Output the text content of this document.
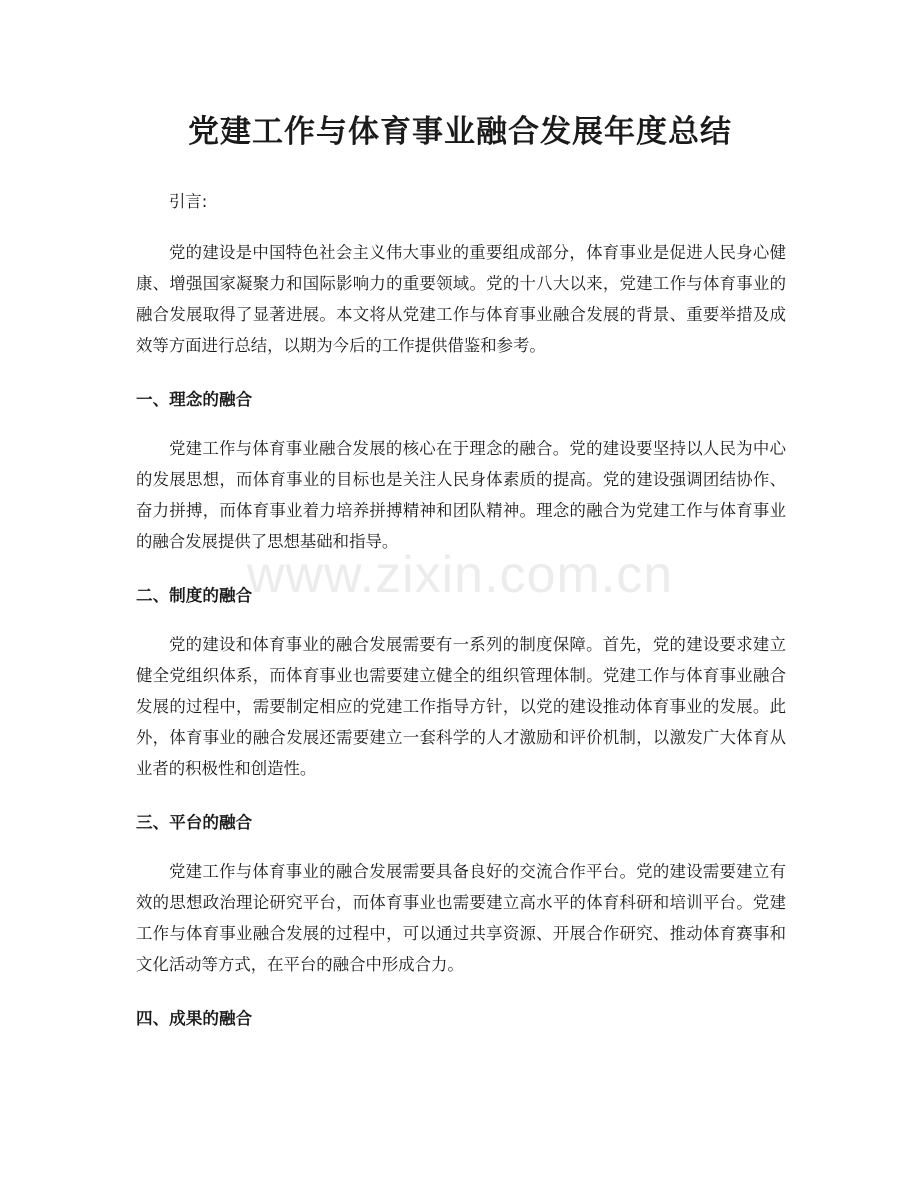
党建工作与体育事业融合发展年度总结

引言:

党的建设是中国特色社会主义伟大事业的重要组成部分，体育事业是促进人民身心健康、增强国家凝聚力和国际影响力的重要领域。党的十八大以来，党建工作与体育事业的融合发展取得了显著进展。本文将从党建工作与体育事业融合发展的背景、重要举措及成效等方面进行总结，以期为今后的工作提供借鉴和参考。

一、理念的融合

党建工作与体育事业融合发展的核心在于理念的融合。党的建设要坚持以人民为中心的发展思想，而体育事业的目标也是关注人民身体素质的提高。党的建设强调团结协作、奋力拼搏，而体育事业着力培养拼搏精神和团队精神。理念的融合为党建工作与体育事业的融合发展提供了思想基础和指导。

二、制度的融合

党的建设和体育事业的融合发展需要有一系列的制度保障。首先，党的建设要求建立健全党组织体系，而体育事业也需要建立健全的组织管理体制。党建工作与体育事业融合发展的过程中，需要制定相应的党建工作指导方针，以党的建设推动体育事业的发展。此外，体育事业的融合发展还需要建立一套科学的人才激励和评价机制，以激发广大体育从业者的积极性和创造性。

三、平台的融合

党建工作与体育事业的融合发展需要具备良好的交流合作平台。党的建设需要建立有效的思想政治理论研究平台，而体育事业也需要建立高水平的体育科研和培训平台。党建工作与体育事业融合发展的过程中，可以通过共享资源、开展合作研究、推动体育赛事和文化活动等方式，在平台的融合中形成合力。

四、成果的融合
www.zixin.com.cn
